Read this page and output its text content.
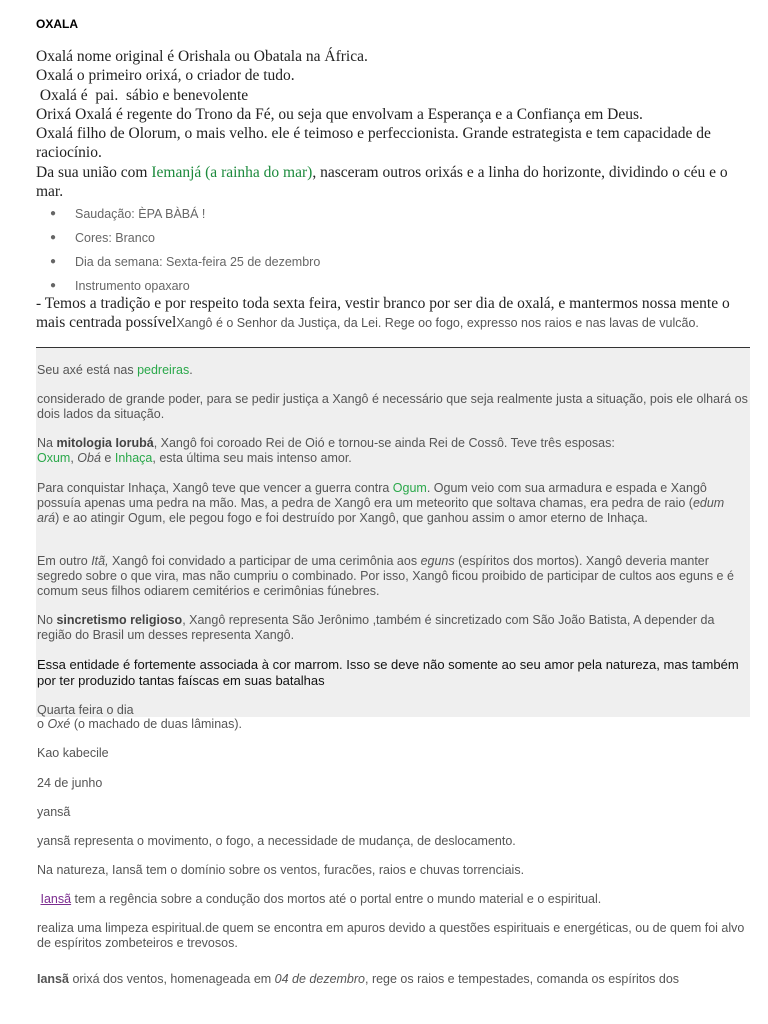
OXALA
Oxalá nome original é Orishala ou Obatala na África.
Oxalá o primeiro orixá, o criador de tudo.
Oxalá é  pai.  sábio e benevolente
Orixá Oxalá é regente do Trono da Fé, ou seja que envolvam a Esperança e a Confiança em Deus.
Oxalá filho de Olorum, o mais velho. ele é teimoso e perfeccionista. Grande estrategista e tem capacidade de raciocínio.
Da sua união com Iemanjá (a rainha do mar), nasceram outros orixás e a linha do horizonte, dividindo o céu e o mar.
● Saudação: ÈPA BÀBÁ !
● Cores: Branco
● Dia da semana: Sexta-feira 25 de dezembro
● Instrumento opaxaro
- Temos a tradição e por respeito toda sexta feira, vestir branco por ser dia de oxalá, e mantermos nossa mente o mais centrada possívelXangô é o Senhor da Justiça, da Lei. Rege oo fogo, expresso nos raios e nas lavas de vulcão.
Seu axé está nas pedreiras.
considerado de grande poder, para se pedir justiça a Xangô é necessário que seja realmente justa a situação, pois ele olhará os dois lados da situação.
Na mitologia Iorubá, Xangô foi coroado Rei de Oió e tornou-se ainda Rei de Cossô. Teve três esposas: Oxum, Obá e Inhaça, esta última seu mais intenso amor.
Para conquistar Inhaça, Xangô teve que vencer a guerra contra Ogum. Ogum veio com sua armadura e espada e Xangô possuía apenas uma pedra na mão. Mas, a pedra de Xangô era um meteorito que soltava chamas, era pedra de raio (edum ará) e ao atingir Ogum, ele pegou fogo e foi destruído por Xangô, que ganhou assim o amor eterno de Inhaça.
Em outro Itã, Xangô foi convidado a participar de uma cerimônia aos eguns (espíritos dos mortos). Xangô deveria manter segredo sobre o que vira, mas não cumpriu o combinado. Por isso, Xangô ficou proibido de participar de cultos aos eguns e é comum seus filhos odiarem cemitérios e cerimônias fúnebres.
No sincretismo religioso, Xangô representa São Jerônimo ,também é sincretizado com São João Batista, A depender da região do Brasil um desses representa Xangô.
Essa entidade é fortemente associada à cor marrom. Isso se deve não somente ao seu amor pela natureza, mas também por ter produzido tantas faíscas em suas batalhas
Quarta feira o dia
o Oxé (o machado de duas lâminas).
Kao kabecile
24 de junho
yansã
yansã representa o movimento, o fogo, a necessidade de mudança, de deslocamento.
Na natureza, Iansã tem o domínio sobre os ventos, furacões, raios e chuvas torrenciais.
Iansã tem a regência sobre a condução dos mortos até o portal entre o mundo material e o espiritual.
realiza uma limpeza espiritual.de quem se encontra em apuros devido a questões espirituais e energéticas, ou de quem foi alvo de espíritos zombeteiros e trevosos.
Iansã orixá dos ventos, homenageada em 04 de dezembro, rege os raios e tempestades, comanda os espíritos dos
